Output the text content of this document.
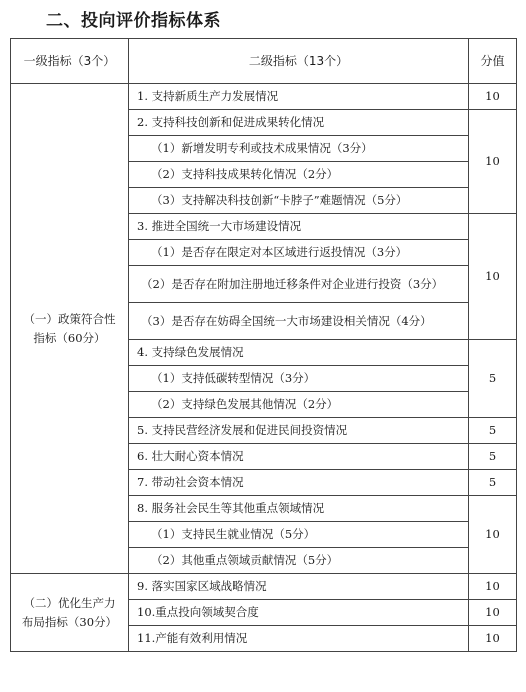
二、投向评价指标体系
一级指标（3个）	二级指标（13个）	分值
（一）政策符合性指标（60分）	1. 支持新质生产力发展情况	10
	2. 支持科技创新和促进成果转化情况	10
	（1）新增发明专利或技术成果情况（3分）	
	（2）支持科技成果转化情况（2分）	
	（3）支持解决科技创新“卡脖子”难题情况（5分）	
	3. 推进全国统一大市场建设情况	10
	（1）是否存在限定对本区域进行返投情况（3分）	
	（2）是否存在附加注册地迁移条件对企业进行投资（3分）	
	（3）是否存在妨碍全国统一大市场建设相关情况（4分）	
	4. 支持绿色发展情况	5
	（1）支持低碳转型情况（3分）	
	（2）支持绿色发展其他情况（2分）	
	5. 支持民营经济发展和促进民间投资情况	5
	6. 壮大耐心资本情况	5
	7. 带动社会资本情况	5
	8. 服务社会民生等其他重点领域情况	10
	（1）支持民生就业情况（5分）	
	（2）其他重点领域贡献情况（5分）	
（二）优化生产力布局指标（30分）	9. 落实国家区域战略情况	10
	10.重点投向领域契合度	10
	11.产能有效利用情况	10
